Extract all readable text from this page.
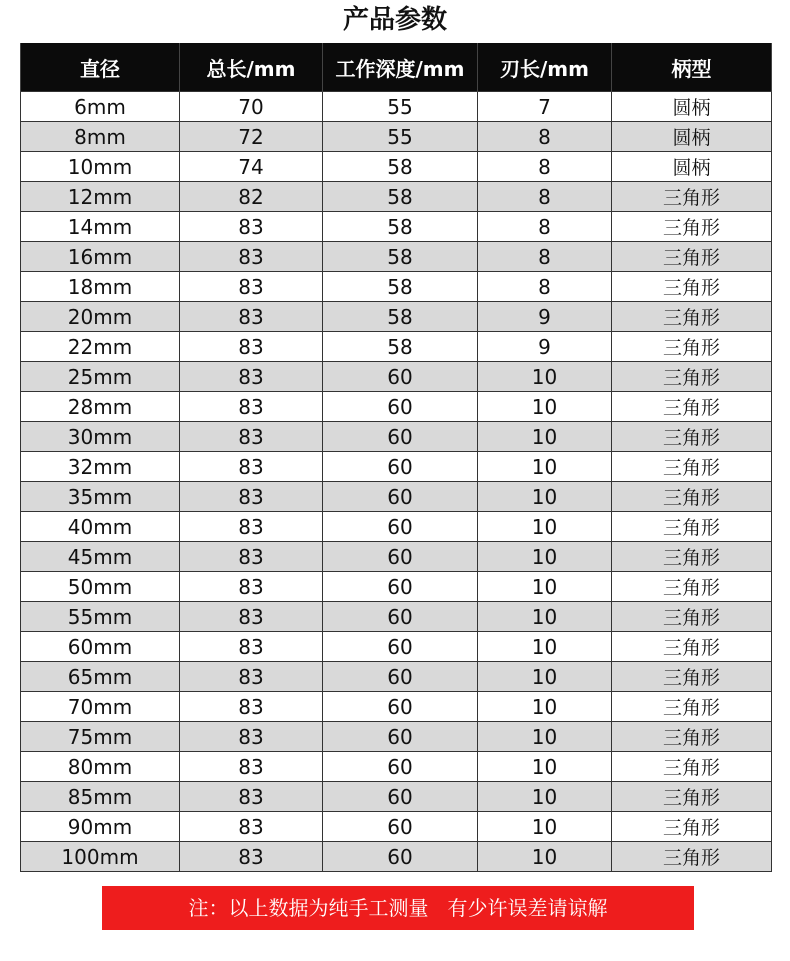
产品参数
直径	总长/mm	工作深度/mm	刃长/mm	柄型
6mm	70	55	7	圆柄
8mm	72	55	8	圆柄
10mm	74	58	8	圆柄
12mm	82	58	8	三角形
14mm	83	58	8	三角形
16mm	83	58	8	三角形
18mm	83	58	8	三角形
20mm	83	58	9	三角形
22mm	83	58	9	三角形
25mm	83	60	10	三角形
28mm	83	60	10	三角形
30mm	83	60	10	三角形
32mm	83	60	10	三角形
35mm	83	60	10	三角形
40mm	83	60	10	三角形
45mm	83	60	10	三角形
50mm	83	60	10	三角形
55mm	83	60	10	三角形
60mm	83	60	10	三角形
65mm	83	60	10	三角形
70mm	83	60	10	三角形
75mm	83	60	10	三角形
80mm	83	60	10	三角形
85mm	83	60	10	三角形
90mm	83	60	10	三角形
100mm	83	60	10	三角形
注：以上数据为纯手工测量   有少许误差请谅解
